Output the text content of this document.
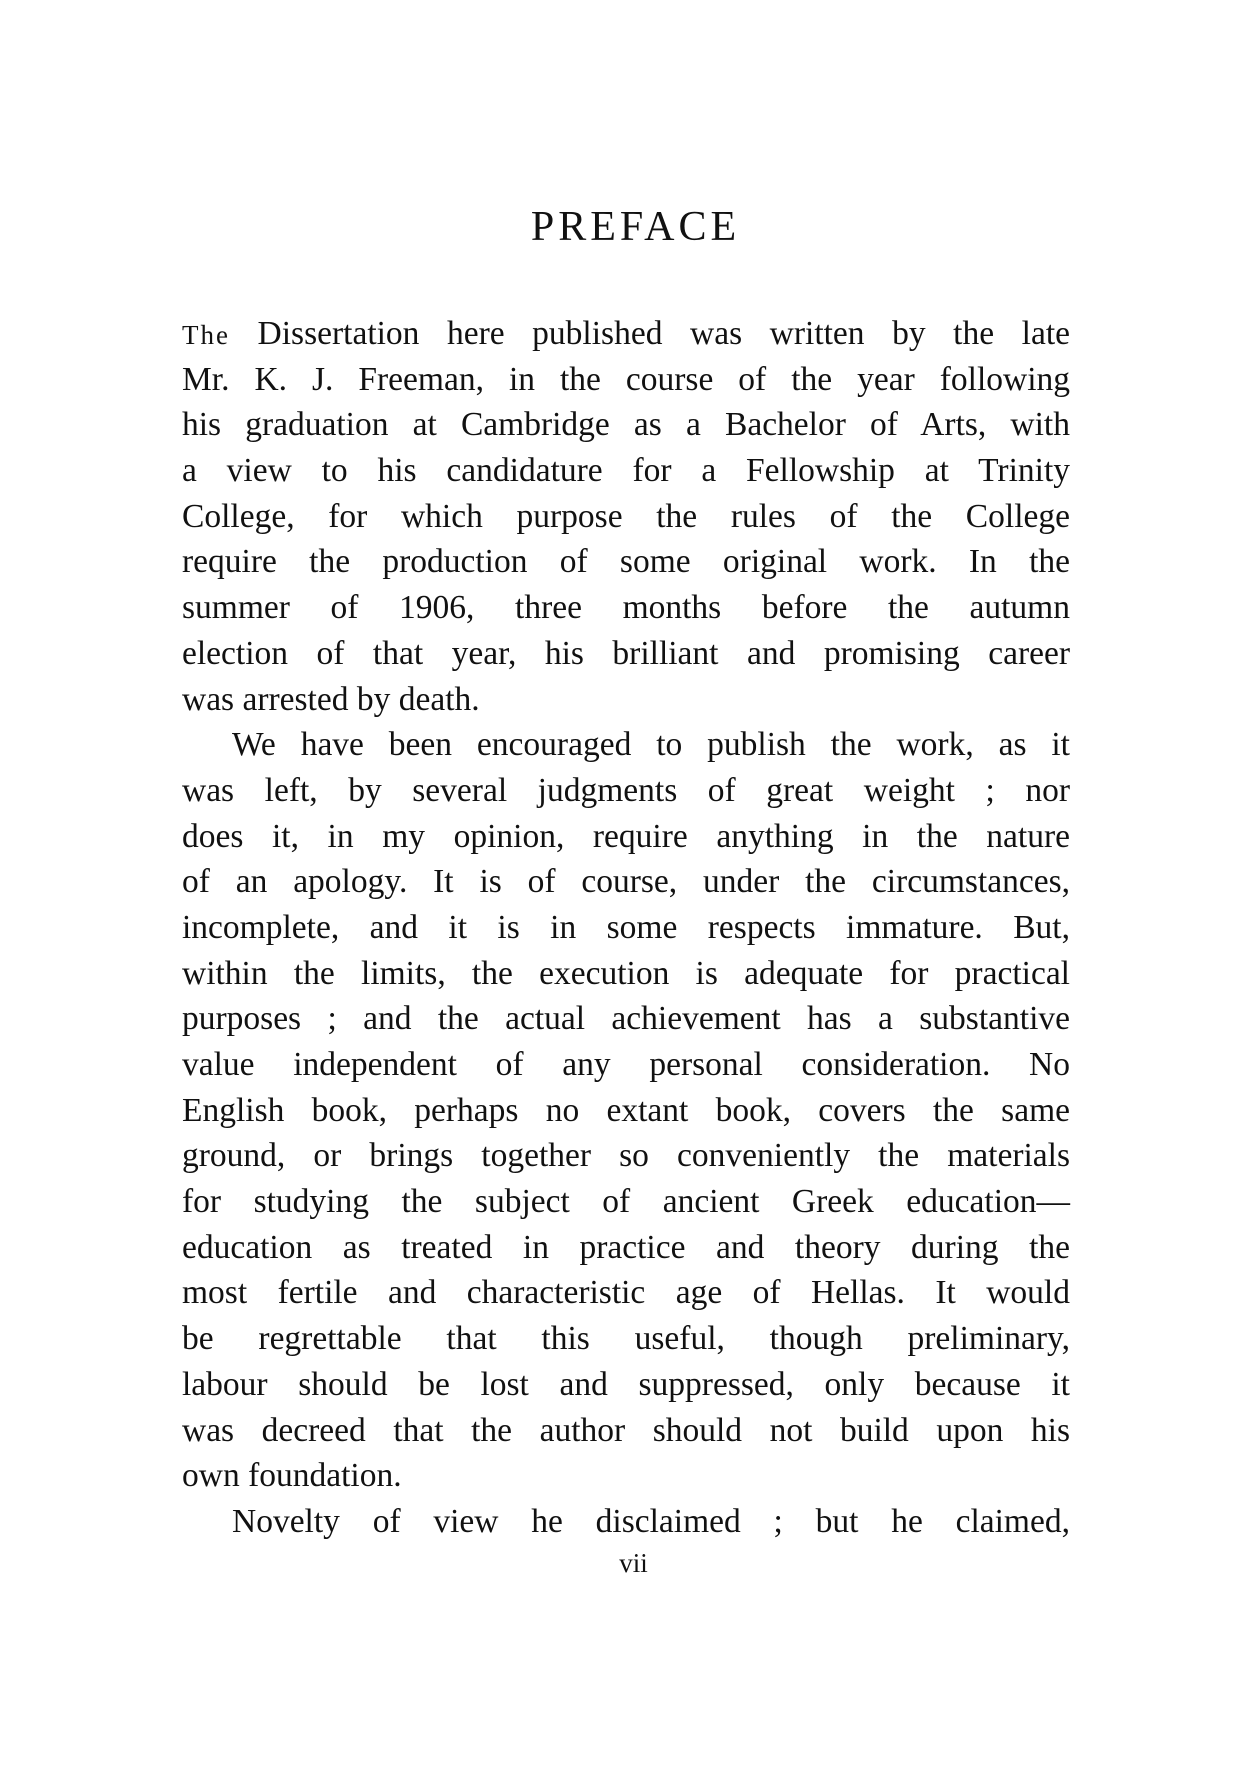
PREFACE
The Dissertation here published was written by the late
Mr. K. J. Freeman, in the course of the year following
his graduation at Cambridge as a Bachelor of Arts, with
a view to his candidature for a Fellowship at Trinity
College, for which purpose the rules of the College
require the production of some original work. In the
summer of 1906, three months before the autumn
election of that year, his brilliant and promising career
was arrested by death.
We have been encouraged to publish the work, as it
was left, by several judgments of great weight ; nor
does it, in my opinion, require anything in the nature
of an apology. It is of course, under the circumstances,
incomplete, and it is in some respects immature. But,
within the limits, the execution is adequate for practical
purposes ; and the actual achievement has a substantive
value independent of any personal consideration. No
English book, perhaps no extant book, covers the same
ground, or brings together so conveniently the materials
for studying the subject of ancient Greek education—
education as treated in practice and theory during the
most fertile and characteristic age of Hellas. It would
be regrettable that this useful, though preliminary,
labour should be lost and suppressed, only because it
was decreed that the author should not build upon his
own foundation.
Novelty of view he disclaimed ; but he claimed,
vii
